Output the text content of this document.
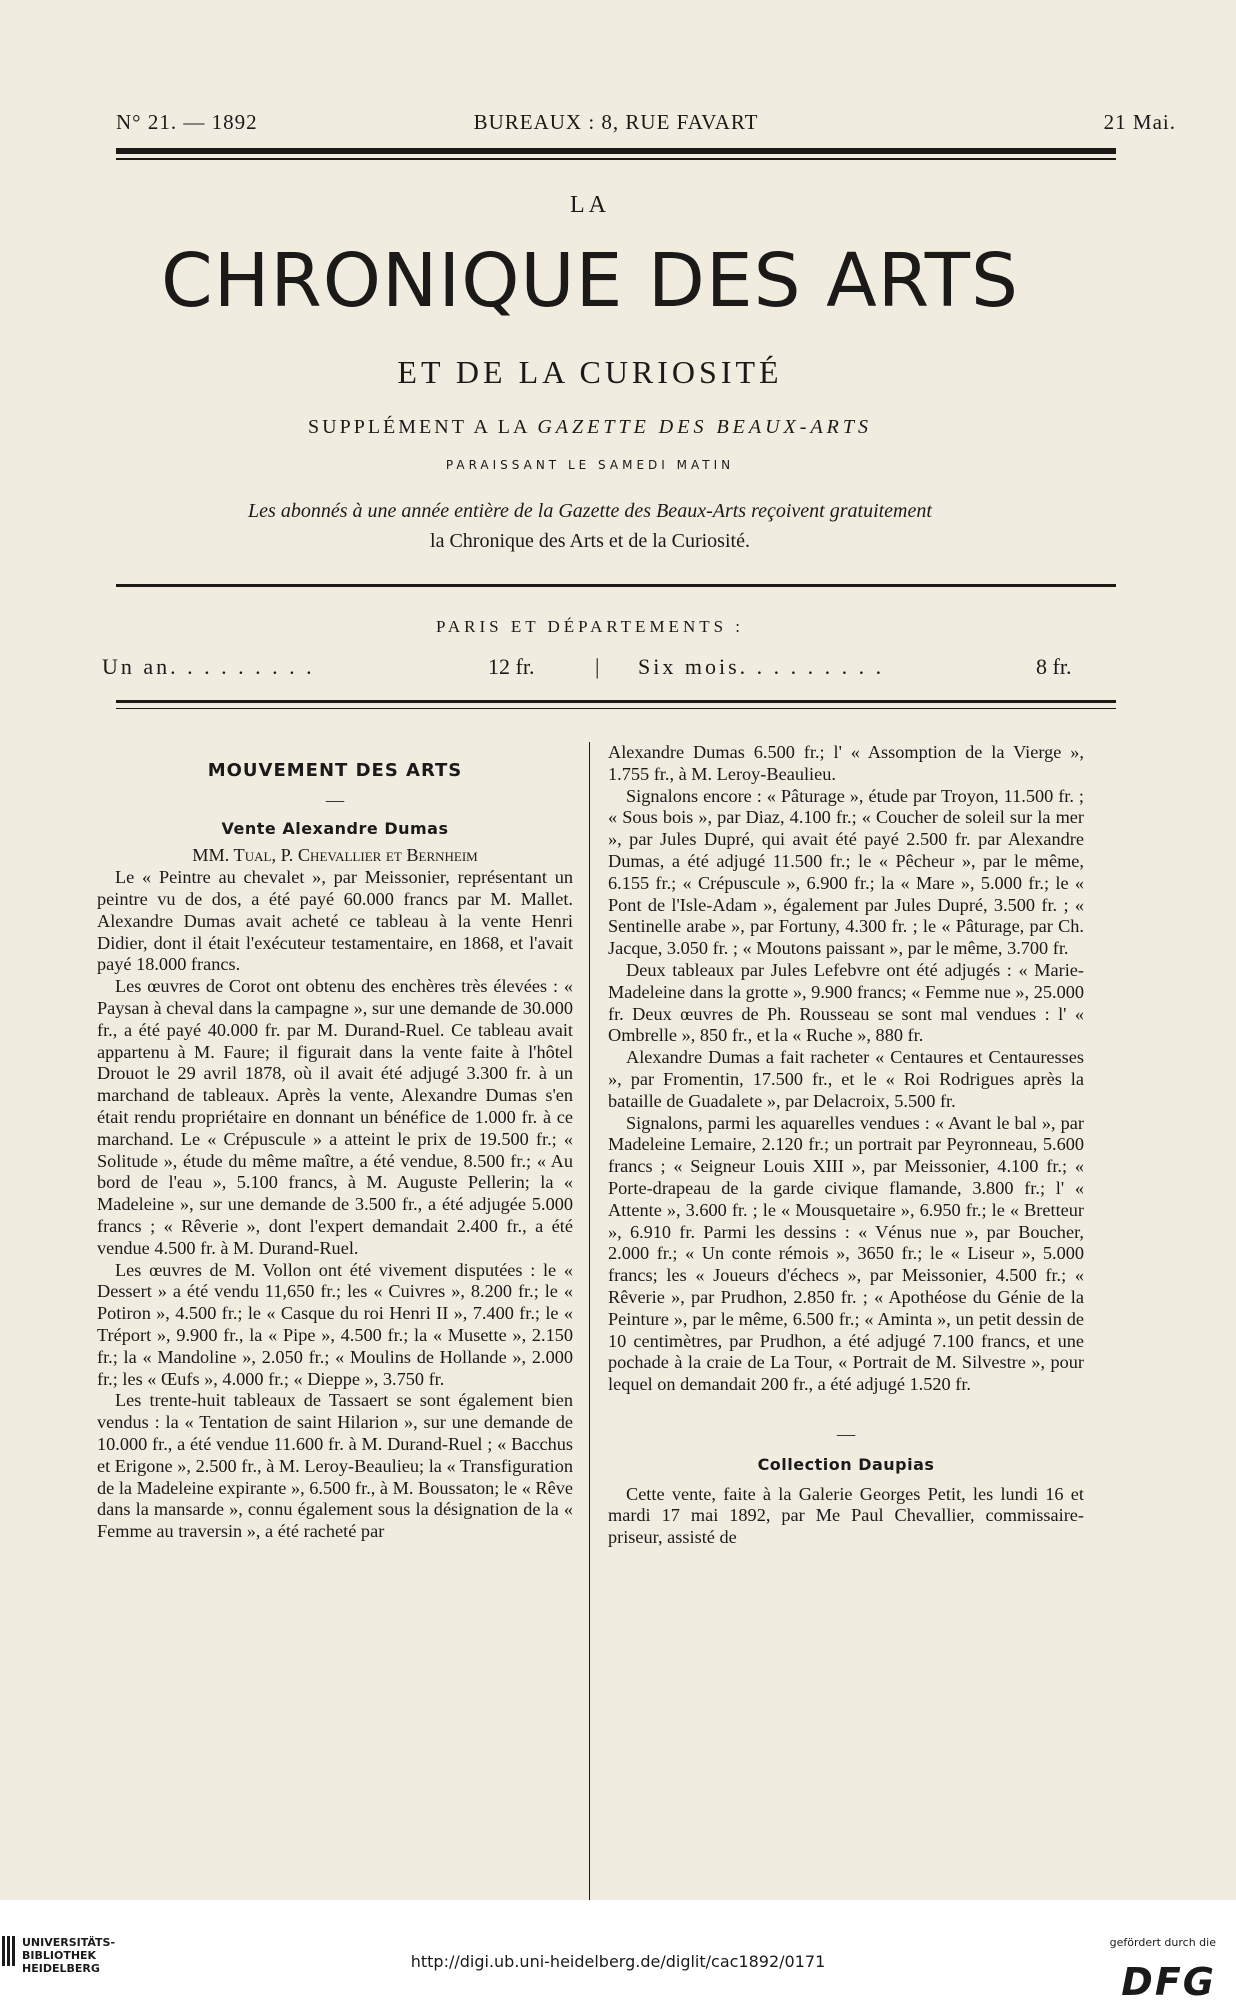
N° 21. — 1892	BUREAUX : 8, RUE FAVART	21 Mai.
LA
CHRONIQUE DES ARTS
ET DE LA CURIOSITÉ
SUPPLÉMENT A LA GAZETTE DES BEAUX-ARTS
PARAISSANT LE SAMEDI MATIN
Les abonnés à une année entière de la Gazette des Beaux-Arts reçoivent gratuitement
la Chronique des Arts et de la Curiosité.
PARIS ET DÉPARTEMENTS :
Un an. . . . . . . . .	12 fr.	| Six mois. . . . . . . . .	8 fr.
MOUVEMENT DES ARTS
—
Vente Alexandre Dumas

MM. Tual, P. Chevallier et Bernheim

Le « Peintre au chevalet », par Meissonier, représentant un peintre vu de dos, a été payé 60.000 francs par M. Mallet. Alexandre Dumas avait acheté ce tableau à la vente Henri Didier, dont il était l'exécuteur testamentaire, en 1868, et l'avait payé 18.000 francs.

Les œuvres de Corot ont obtenu des enchères très élevées : « Paysan à cheval dans la campagne », sur une demande de 30.000 fr., a été payé 40.000 fr. par M. Durand-Ruel. Ce tableau avait appartenu à M. Faure; il figurait dans la vente faite à l'hôtel Drouot le 29 avril 1878, où il avait été adjugé 3.300 fr. à un marchand de tableaux. Après la vente, Alexandre Dumas s'en était rendu propriétaire en donnant un bénéfice de 1.000 fr. à ce marchand. Le « Crépuscule » a atteint le prix de 19.500 fr.; « Solitude », étude du même maître, a été vendue, 8.500 fr.; « Au bord de l'eau », 5.100 francs, à M. Auguste Pellerin; la « Madeleine », sur une demande de 3.500 fr., a été adjugée 5.000 francs ; « Rêverie », dont l'expert demandait 2.400 fr., a été vendue 4.500 fr. à M. Durand-Ruel.

Les œuvres de M. Vollon ont été vivement disputées : le « Dessert » a été vendu 11,650 fr.; les « Cuivres », 8.200 fr.; le « Potiron », 4.500 fr.; le « Casque du roi Henri II », 7.400 fr.; le « Tréport », 9.900 fr., la « Pipe », 4.500 fr.; la « Musette », 2.150 fr.; la « Mandoline », 2.050 fr.; « Moulins de Hollande », 2.000 fr.; les « Œufs », 4.000 fr.; « Dieppe », 3.750 fr.

Les trente-huit tableaux de Tassaert se sont également bien vendus : la « Tentation de saint Hilarion », sur une demande de 10.000 fr., a été vendue 11.600 fr. à M. Durand-Ruel ; « Bacchus et Erigone », 2.500 fr., à M. Leroy-Beaulieu; la « Transfiguration de la Madeleine expirante », 6.500 fr., à M. Boussaton; le « Rêve dans la mansarde », connu également sous la désignation de la « Femme au traversin », a été racheté par

Alexandre Dumas 6.500 fr.; l' « Assomption de la Vierge », 1.755 fr., à M. Leroy-Beaulieu.

Signalons encore : « Pâturage », étude par Troyon, 11.500 fr. ; « Sous bois », par Diaz, 4.100 fr.; « Coucher de soleil sur la mer », par Jules Dupré, qui avait été payé 2.500 fr. par Alexandre Dumas, a été adjugé 11.500 fr.; le « Pêcheur », par le même, 6.155 fr.; « Crépuscule », 6.900 fr.; la « Mare », 5.000 fr.; le « Pont de l'Isle-Adam », également par Jules Dupré, 3.500 fr. ; « Sentinelle arabe », par Fortuny, 4.300 fr. ; le « Pâturage, par Ch. Jacque, 3.050 fr. ; « Moutons paissant », par le même, 3.700 fr.

Deux tableaux par Jules Lefebvre ont été adjugés : « Marie-Madeleine dans la grotte », 9.900 francs; « Femme nue », 25.000 fr. Deux œuvres de Ph. Rousseau se sont mal vendues : l' « Ombrelle », 850 fr., et la « Ruche », 880 fr.

Alexandre Dumas a fait racheter « Centaures et Centauresses », par Fromentin, 17.500 fr., et le « Roi Rodrigues après la bataille de Guadalete », par Delacroix, 5.500 fr.

Signalons, parmi les aquarelles vendues : « Avant le bal », par Madeleine Lemaire, 2.120 fr.; un portrait par Peyronneau, 5.600 francs ; « Seigneur Louis XIII », par Meissonier, 4.100 fr.; « Porte-drapeau de la garde civique flamande, 3.800 fr.; l' « Attente », 3.600 fr. ; le « Mousquetaire », 6.950 fr.; le « Bretteur », 6.910 fr. Parmi les dessins : « Vénus nue », par Boucher, 2.000 fr.; « Un conte rémois », 3650 fr.; le « Liseur », 5.000 francs; les « Joueurs d'échecs », par Meissonier, 4.500 fr.; « Rêverie », par Prudhon, 2.850 fr. ; « Apothéose du Génie de la Peinture », par le même, 6.500 fr.; « Aminta », un petit dessin de 10 centimètres, par Prudhon, a été adjugé 7.100 francs, et une pochade à la craie de La Tour, « Portrait de M. Silvestre », pour lequel on demandait 200 fr., a été adjugé 1.520 fr.

—
Collection Daupias

Cette vente, faite à la Galerie Georges Petit, les lundi 16 et mardi 17 mai 1892, par Me Paul Chevallier, commissaire-priseur, assisté de

UNIVERSITÄTS-
BIBLIOTHEK
HEIDELBERG	http://digi.ub.uni-heidelberg.de/diglit/cac1892/0171
gefördert durch die
DFG
